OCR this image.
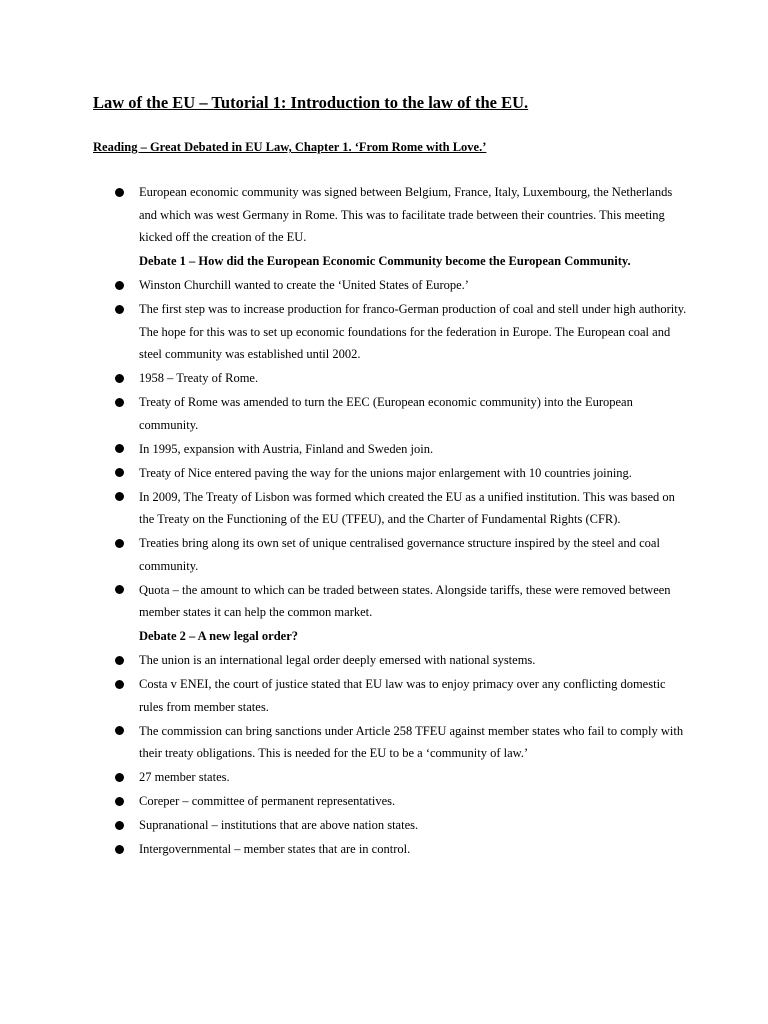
Law of the EU – Tutorial 1: Introduction to the law of the EU.
Reading – Great Debated in EU Law, Chapter 1. ‘From Rome with Love.’
European economic community was signed between Belgium, France, Italy, Luxembourg, the Netherlands and which was west Germany in Rome. This was to facilitate trade between their countries. This meeting kicked off the creation of the EU.
Debate 1 – How did the European Economic Community become the European Community.
Winston Churchill wanted to create the ‘United States of Europe.’
The first step was to increase production for franco-German production of coal and stell under high authority. The hope for this was to set up economic foundations for the federation in Europe. The European coal and steel community was established until 2002.
1958 – Treaty of Rome.
Treaty of Rome was amended to turn the EEC (European economic community) into the European community.
In 1995, expansion with Austria, Finland and Sweden join.
Treaty of Nice entered paving the way for the unions major enlargement with 10 countries joining.
In 2009, The Treaty of Lisbon was formed which created the EU as a unified institution. This was based on the Treaty on the Functioning of the EU (TFEU), and the Charter of Fundamental Rights (CFR).
Treaties bring along its own set of unique centralised governance structure inspired by the steel and coal community.
Quota – the amount to which can be traded between states. Alongside tariffs, these were removed between member states it can help the common market.
Debate 2 – A new legal order?
The union is an international legal order deeply emersed with national systems.
Costa v ENEI, the court of justice stated that EU law was to enjoy primacy over any conflicting domestic rules from member states.
The commission can bring sanctions under Article 258 TFEU against member states who fail to comply with their treaty obligations. This is needed for the EU to be a ‘community of law.’
27 member states.
Coreper – committee of permanent representatives.
Supranational – institutions that are above nation states.
Intergovernmental – member states that are in control.
